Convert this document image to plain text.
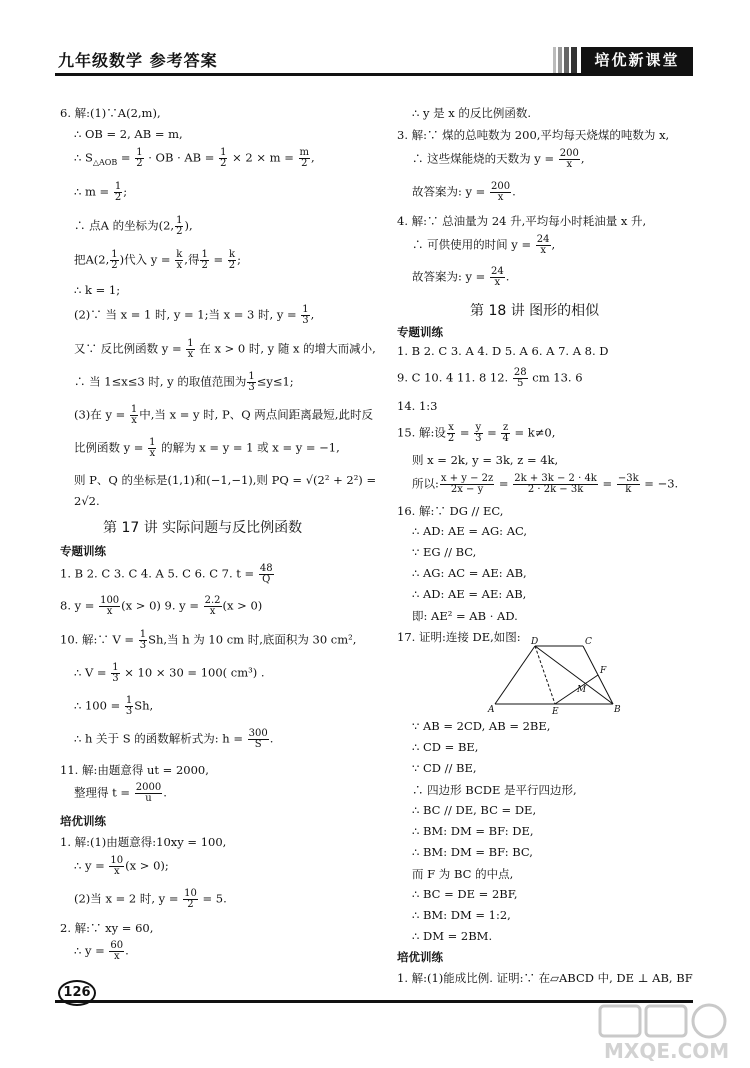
九年级数学 参考答案	培优新课堂
6. 解:(1)∵A(2,m),
∴ OB = 2, AB = m,
∴ $S_{\triangle AOB} = \frac{1}{2}$ · OB · AB = $\frac{1}{2} \times 2 \times m = \frac{m}{2}$ ,
∴ $m = \frac{1}{2}$ ;
∴ 点A 的坐标为(2, $\frac{1}{2}$ ),
把A(2, $\frac{1}{2}$ )代入 $y = \frac{k}{x}$ ,得 $\frac{1}{2} = \frac{k}{2}$ ;
∴ k = 1;
(2)∵ 当 x = 1 时, y = 1;当 x = 3 时, $y = \frac{1}{3}$ ,
又∵ 反比例函数 $y = \frac{1}{x}$ 在 x > 0 时, y 随 x 的增大而减小,
∴ 当 1≤x≤3 时, y 的取值范围为 $\frac{1}{3} \le y\le 1$;
(3)在 $y = \frac{1}{x}$ 中,当 x = y 时, P、Q 两点间距离最短,此时反
比例函数 $y = \frac{1}{x}$ 的解为 x = y = 1 或 x = y = −1,
则 P、Q 的坐标是(1,1)和(−1,−1),则 PQ = √(2² + 2²) =
2√2.
第 17 讲 实际问题与反比例函数
专题训练
1. B 2. C 3. C 4. A 5. C 6. C 7. $t = \frac{48}{Q}$
8. $y = \frac{100}{x} (x > 0)$ 9. $y = \frac{2.2}{x} (x > 0)$
10. 解:∵ $V = \frac{1}{3} Sh$,当 h 为 10 cm 时,底面积为 30 cm²,
∴ $V = \frac{1}{3} \times 10 \times 30 = 100$( cm³) .
∴ $100 = \frac{1}{3} Sh$,
∴ h 关于 S 的函数解析式为: $h = \frac{300}{S}$ .
11. 解:由题意得 ut = 2000,
整理得 $t = \frac{2000}{u}$ .
培优训练
1. 解:(1)由题意得:10xy = 100,
∴ $y = \frac{10}{x} (x > 0)$;
(2)当 x = 2 时, $y = \frac{10}{2} = 5$.
2. 解:∵ xy = 60,
∴ $y = \frac{60}{x}$ .
∴ y 是 x 的反比例函数.
3. 解:∵ 煤的总吨数为 200,平均每天烧煤的吨数为 x,
∴ 这些煤能烧的天数为 $y = \frac{200}{x}$ ,
故答案为: $y = \frac{200}{x}$ .
4. 解:∵ 总油量为 24 升,平均每小时耗油量 x 升,
∴ 可供使用的时间 $y = \frac{24}{x}$ ,
故答案为: $y = \frac{24}{x}$ .
第 18 讲 图形的相似
专题训练
1. B 2. C 3. A 4. D 5. A 6. A 7. A 8. D
9. C 10. 4 11. 8 12. $\frac{28}{5}$ cm 13. 6
14. 1:3
15. 解:设 $\frac{x}{2} = \frac{y}{3} = \frac{z}{4} = k\ne 0$,
则 x = 2k, y = 3k, z = 4k,
所以: $\frac{x + y - 2z}{2x - y} = \frac{2k + 3k - 2 \cdot 4k}{2 \cdot 2k - 3k} = \frac{-3k}{k} = -3$.
16. 解:∵ DG // EC,
∴ AD: AE = AG: AC,
∵ EG // BC,
∴ AG: AC = AE: AB,
∴ AD: AE = AE: AB,
即: AE² = AB · AD.
17. 证明:连接 DE,如图: D	C
F
M
A	E	B
∵ AB = 2CD, AB = 2BE,
∴ CD = BE,
∵ CD // BE,
∴ 四边形 BCDE 是平行四边形,
∴ BC // DE, BC = DE,
∴ BM: DM = BF: DE,
∴ BM: DM = BF: BC,
而 F 为 BC 的中点,
∴ BC = DE = 2BF,
∴ BM: DM = 1:2,
∴ DM = 2BM.
培优训练
1. 解:(1)能成比例. 证明:∵ 在▱ABCD 中, DE ⊥ AB, BF
126
MXQE.COM
